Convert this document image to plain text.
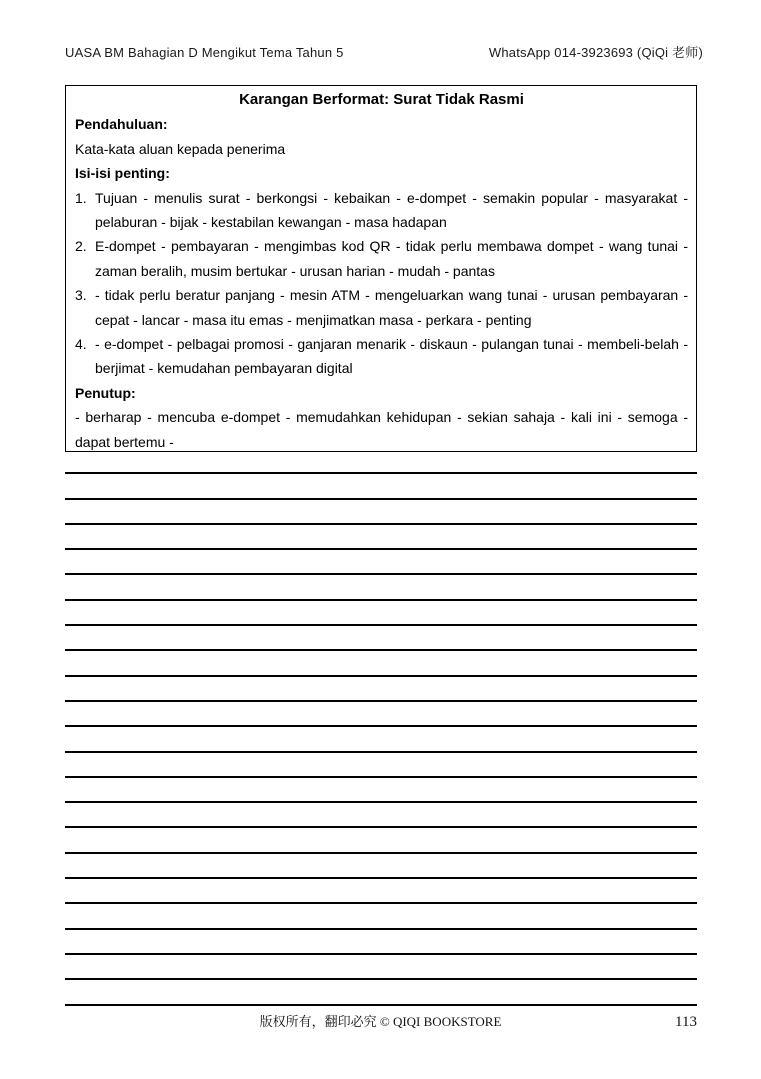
UASA BM Bahagian D Mengikut Tema Tahun 5	WhatsApp 014-3923693 (QiQi 老师)
Karangan Berformat: Surat Tidak Rasmi
Pendahuluan:
Kata-kata aluan kepada penerima
Isi-isi penting:
1. Tujuan - menulis surat - berkongsi - kebaikan - e-dompet - semakin popular - masyarakat - pelaburan - bijak - kestabilan kewangan - masa hadapan
2. E-dompet - pembayaran - mengimbas kod QR - tidak perlu membawa dompet - wang tunai - zaman beralih, musim bertukar - urusan harian - mudah - pantas
3. - tidak perlu beratur panjang - mesin ATM - mengeluarkan wang tunai - urusan pembayaran - cepat - lancar - masa itu emas - menjimatkan masa - perkara - penting
4. - e-dompet - pelbagai promosi - ganjaran menarik - diskaun - pulangan tunai - membeli-belah - berjimat - kemudahan pembayaran digital
Penutup:
- berharap - mencuba e-dompet - memudahkan kehidupan - sekian sahaja - kali ini - semoga - dapat bertemu -
版权所有，翻印必究 © QIQI BOOKSTORE	113
